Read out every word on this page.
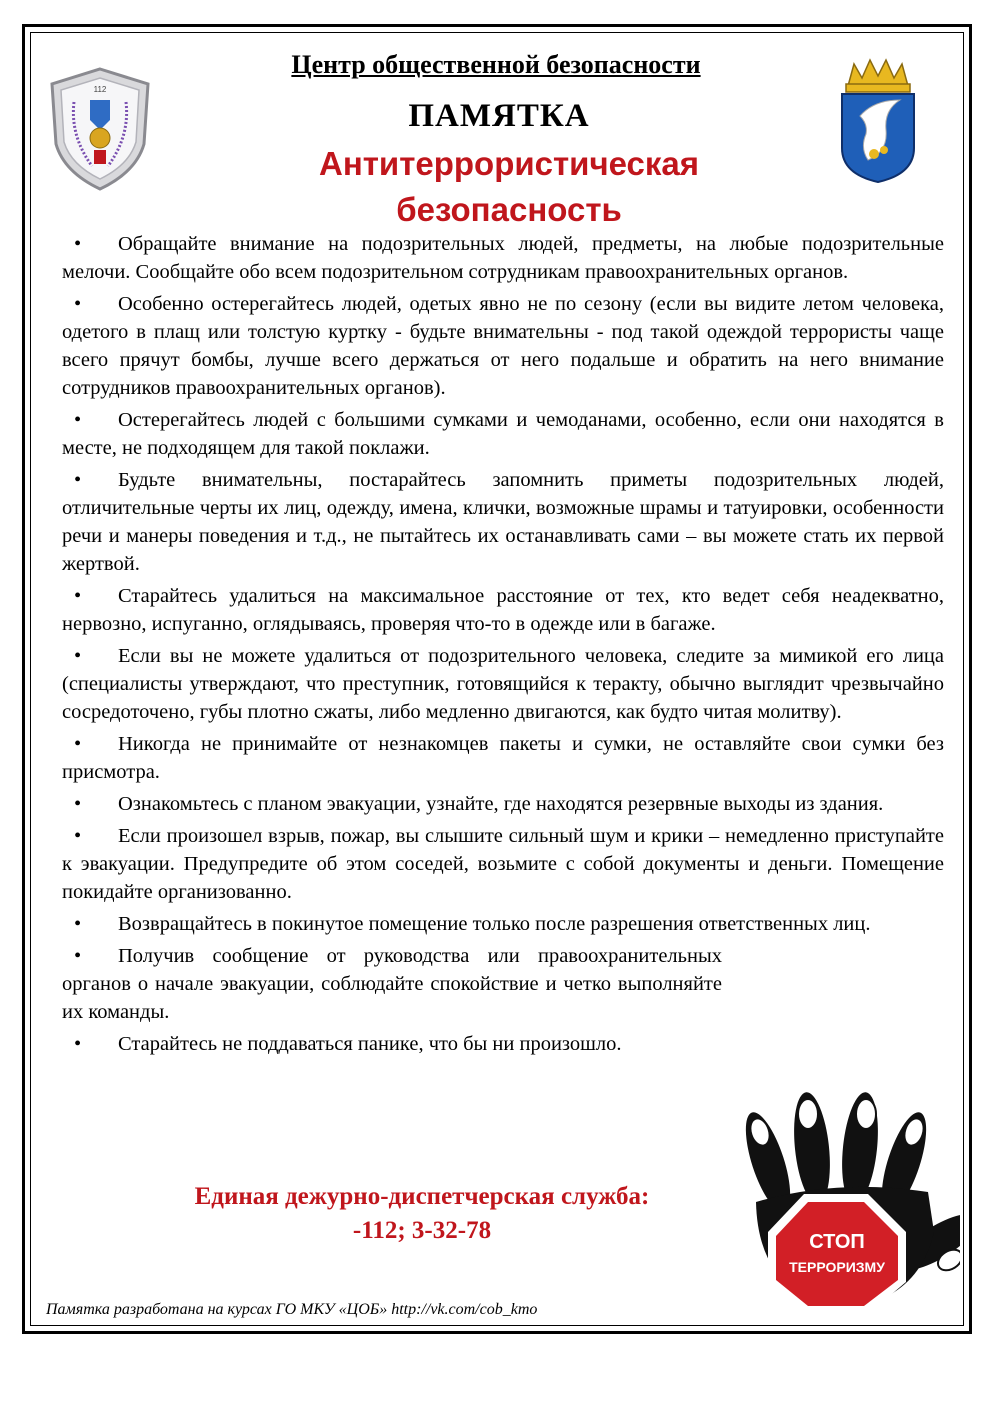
112
Центр общественной безопасности
ПАМЯТКА
Антитеррористическая
безопасность

• Обращайте внимание на подозрительных людей, предметы, на любые подозрительные мелочи. Сообщайте обо всем подозрительном сотрудникам правоохранительных органов.

• Особенно остерегайтесь людей, одетых явно не по сезону (если вы видите летом человека, одетого в плащ или толстую куртку - будьте внимательны - под такой одеждой террористы чаще всего прячут бомбы, лучше всего держаться от него подальше и обратить на него внимание сотрудников правоохранительных органов).

• Остерегайтесь людей с большими сумками и чемоданами, особенно, если они находятся в месте, не подходящем для такой поклажи.

• Будьте внимательны, постарайтесь запомнить приметы подозрительных людей, отличительные черты их лиц, одежду, имена, клички, возможные шрамы и татуировки, особенности речи и манеры поведения и т.д., не пытайтесь их останавливать сами – вы можете стать их первой жертвой.

• Старайтесь удалиться на максимальное расстояние от тех, кто ведет себя неадекватно, нервозно, испуганно, оглядываясь, проверяя что-то в одежде или в багаже.

• Если вы не можете удалиться от подозрительного человека, следите за мимикой его лица (специалисты утверждают, что преступник, готовящийся к теракту, обычно выглядит чрезвычайно сосредоточено, губы плотно сжаты, либо медленно двигаются, как будто читая молитву).

• Никогда не принимайте от незнакомцев пакеты и сумки, не оставляйте свои сумки без присмотра.

• Ознакомьтесь с планом эвакуации, узнайте, где находятся резервные выходы из здания.

• Если произошел взрыв, пожар, вы слышите сильный шум и крики – немедленно приступайте к эвакуации. Предупредите об этом соседей, возьмите с собой документы и деньги. Помещение покидайте организованно.

• Возвращайтесь в покинутое помещение только после разрешения ответственных лиц.

• Получив сообщение от руководства или правоохранительных органов о начале эвакуации, соблюдайте спокойствие и четко выполняйте их команды.

• Старайтесь не поддаваться панике, что бы ни произошло.

Единая дежурно-диспетчерская служба:
-112; 3-32-78	СТОП
ТЕРРОРИЗМУ
Памятка разработана на курсах ГО МКУ «ЦОБ» http://vk.com/cob_kmo
